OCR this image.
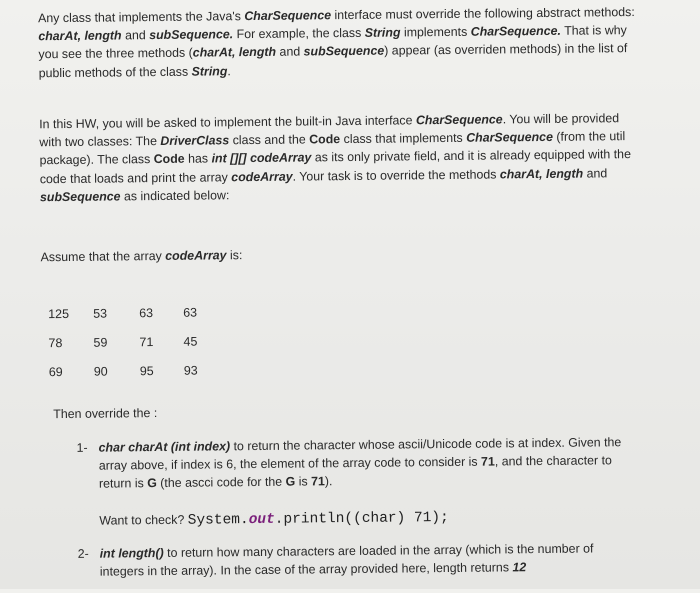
Any class that implements the Java's CharSequence interface must override the following abstract methods: charAt, length and subSequence. For example, the class String implements CharSequence. That is why you see the three methods (charAt, length and subSequence) appear (as overriden methods) in the list of public methods of the class String.
In this HW, you will be asked to implement the built-in Java interface CharSequence. You will be provided with two classes: The DriverClass class and the Code class that implements CharSequence (from the util package). The class Code has int [][] codeArray as its only private field, and it is already equipped with the code that loads and print the array codeArray. Your task is to override the methods charAt, length and subSequence as indicated below:
Assume that the array codeArray is:
125	53	63	63
78	59	71	45
69	90	95	93
Then override the :
1- char charAt (int index) to return the character whose ascii/Unicode code is at index. Given the array above, if index is 6, the element of the array code to consider is 71, and the character to return is G (the ascci code for the G is 71).
Want to check? System.out.println((char) 71);
2- int length() to return how many characters are loaded in the array (which is the number of integers in the array). In the case of the array provided here, length returns 12
